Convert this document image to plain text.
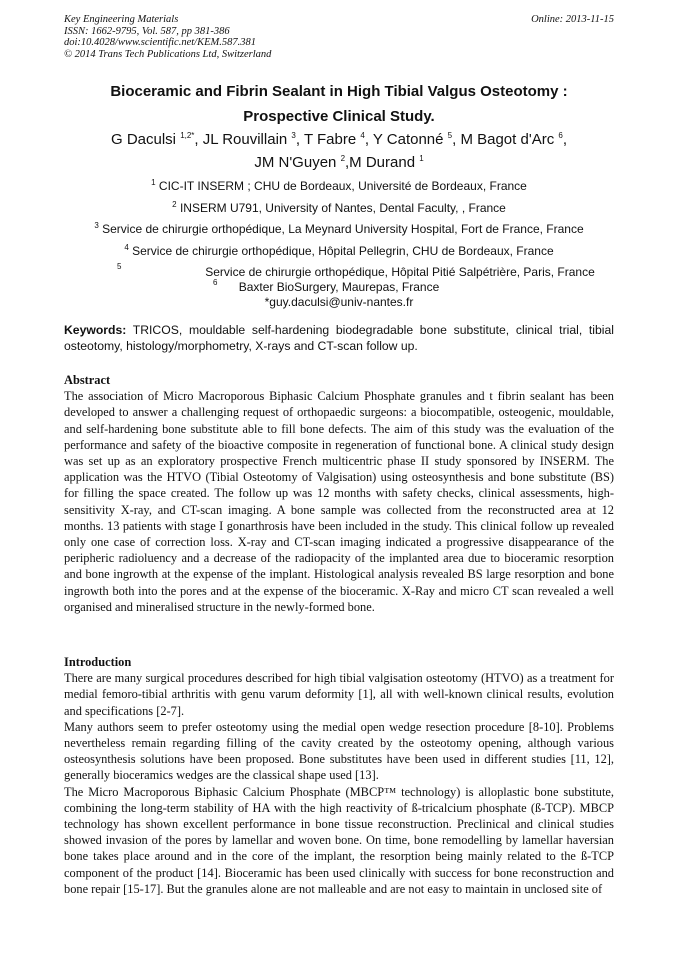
Key Engineering Materials
ISSN: 1662-9795, Vol. 587, pp 381-386
doi:10.4028/www.scientific.net/KEM.587.381
© 2014 Trans Tech Publications Ltd, Switzerland
Online: 2013-11-15
Bioceramic and Fibrin Sealant in High Tibial Valgus Osteotomy :
Prospective Clinical Study.
G Daculsi $^{1,2*}$, JL Rouvillain $^3$, T Fabre $^4$, Y Catonné $^5$, M Bagot d'Arc $^6$,
JM N'Guyen $^2$,M Durand $^1$
$^1$ CIC-IT INSERM ; CHU de Bordeaux, Université de Bordeaux, France
$^2$ INSERM U791, University of Nantes, Dental Faculty, , France
$^3$ Service de chirurgie orthopédique, La Meynard University Hospital, Fort de France, France
$^4$ Service de chirurgie orthopédique, Hôpital Pellegrin, CHU de Bordeaux, France
$^5$	Service de chirurgie orthopédique, Hôpital Pitié Salpétrière, Paris, France
$^6$	Baxter BioSurgery, Maurepas, France
*guy.daculsi@univ-nantes.fr
Keywords: TRICOS, mouldable self-hardening biodegradable bone substitute, clinical trial, tibial osteotomy, histology/morphometry, X-rays and CT-scan follow up.
Abstract

The association of Micro Macroporous Biphasic Calcium Phosphate granules and t fibrin sealant has been developed to answer a challenging request of orthopaedic surgeons: a biocompatible, osteogenic, mouldable, and self-hardening bone substitute able to fill bone defects. The aim of this study was the evaluation of the performance and safety of the bioactive composite in regeneration of functional bone. A clinical study design was set up as an exploratory prospective French multicentric phase II study sponsored by INSERM. The application was the HTVO (Tibial Osteotomy of Valgisation) using osteosynthesis and bone substitute (BS) for filling the space created. The follow up was 12 months with safety checks, clinical assessments, high-sensitivity X-ray, and CT-scan imaging. A bone sample was collected from the reconstructed area at 12 months. 13 patients with stage I gonarthrosis have been included in the study. This clinical follow up revealed only one case of correction loss. X-ray and CT-scan imaging indicated a progressive disappearance of the peripheric radioluency and a decrease of the radiopacity of the implanted area due to bioceramic resorption and bone ingrowth at the expense of the implant. Histological analysis revealed BS large resorption and bone ingrowth both into the pores and at the expense of the bioceramic. X-Ray and micro CT scan revealed a well organised and mineralised structure in the newly-formed bone.

Introduction

There are many surgical procedures described for high tibial valgisation osteotomy (HTVO) as a treatment for medial femoro-tibial arthritis with genu varum deformity [1], all with well-known clinical results, evolution and specifications [2-7].

Many authors seem to prefer osteotomy using the medial open wedge resection procedure [8-10]. Problems nevertheless remain regarding filling of the cavity created by the osteotomy opening, although various osteosynthesis solutions have been proposed. Bone substitutes have been used in different studies [11, 12], generally bioceramics wedges are the classical shape used [13].

The Micro Macroporous Biphasic Calcium Phosphate (MBCP™ technology) is alloplastic bone substitute, combining the long-term stability of HA with the high reactivity of ß-tricalcium phosphate (ß-TCP). MBCP technology has shown excellent performance in bone tissue reconstruction. Preclinical and clinical studies showed invasion of the pores by lamellar and woven bone. On time, bone remodelling by lamellar haversian bone takes place around and in the core of the implant, the resorption being mainly related to the ß-TCP component of the product [14]. Bioceramic has been used clinically with success for bone reconstruction and bone repair [15-17]. But the granules alone are not malleable and are not easy to maintain in unclosed site of
